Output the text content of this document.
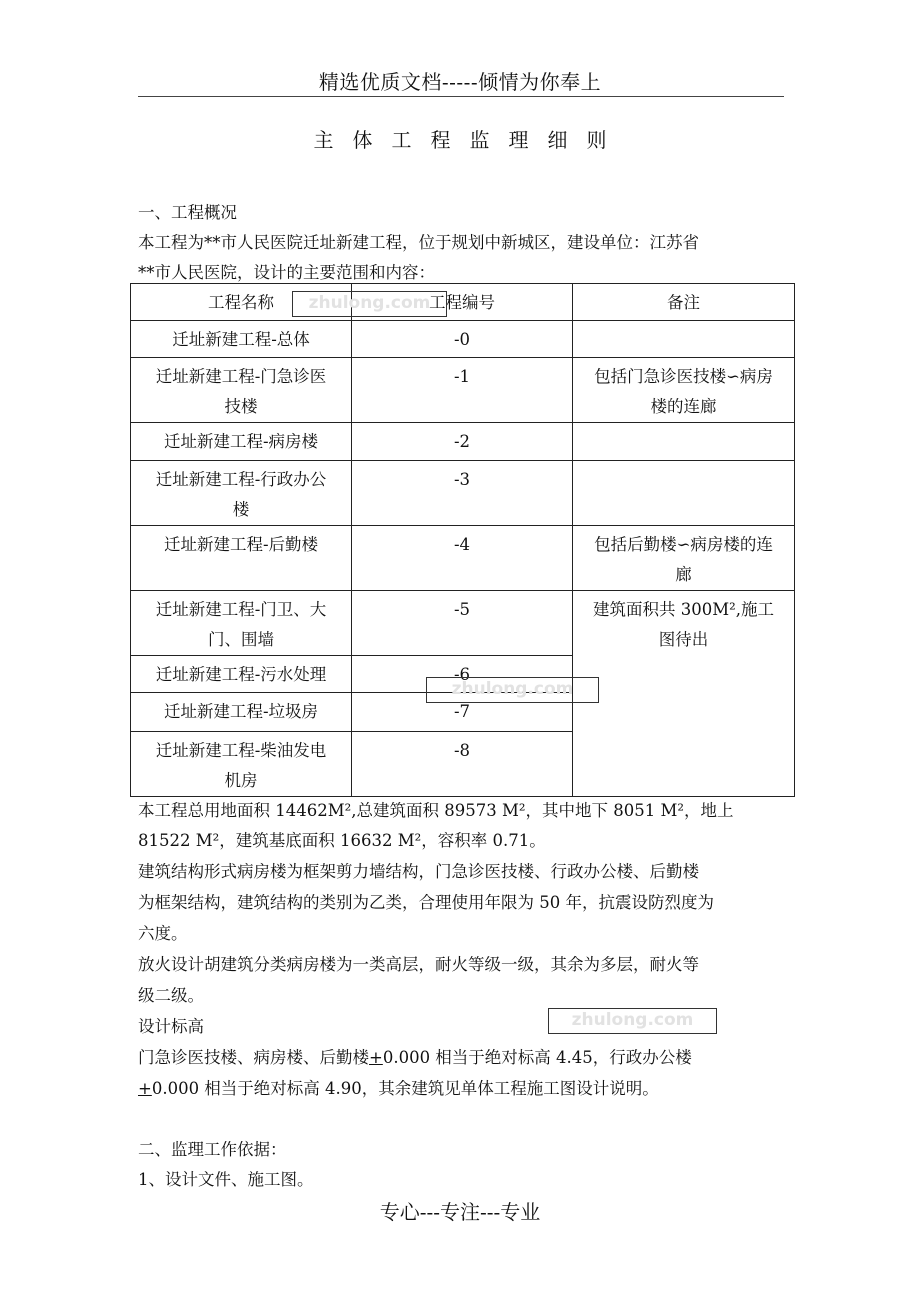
精选优质文档-----倾情为你奉上
主体工程监理细则
一、工程概况
本工程为**市人民医院迁址新建工程，位于规划中新城区，建设单位：江苏省
**市人民医院，设计的主要范围和内容：
工程名称	工程编号	备注
迁址新建工程-总体	-0	
迁址新建工程-门急诊医
技楼	-1	包括门急诊医技楼∽病房
楼的连廊
迁址新建工程-病房楼	-2	
迁址新建工程-行政办公
楼	-3	
迁址新建工程-后勤楼	-4	包括后勤楼∽病房楼的连
廊
迁址新建工程-门卫、大
门、围墙	-5	建筑面积共 300M²,施工
图待出
迁址新建工程-污水处理	-6	
迁址新建工程-垃圾房	-7	
迁址新建工程-柴油发电
机房	-8	
zhulong.com
zhulong.com
zhulong.com
本工程总用地面积 14462M²,总建筑面积 89573 M²，其中地下 8051 M²，地上
81522 M²，建筑基底面积 16632 M²，容积率 0.71。
建筑结构形式病房楼为框架剪力墙结构，门急诊医技楼、行政办公楼、后勤楼
为框架结构，建筑结构的类别为乙类，合理使用年限为 50 年，抗震设防烈度为
六度。
放火设计胡建筑分类病房楼为一类高层，耐火等级一级，其余为多层，耐火等
级二级。
设计标高
门急诊医技楼、病房楼、后勤楼+0.000 相当于绝对标高 4.45，行政办公楼
+0.000 相当于绝对标高 4.90，其余建筑见单体工程施工图设计说明。
二、监理工作依据：
1、设计文件、施工图。
专心---专注---专业
